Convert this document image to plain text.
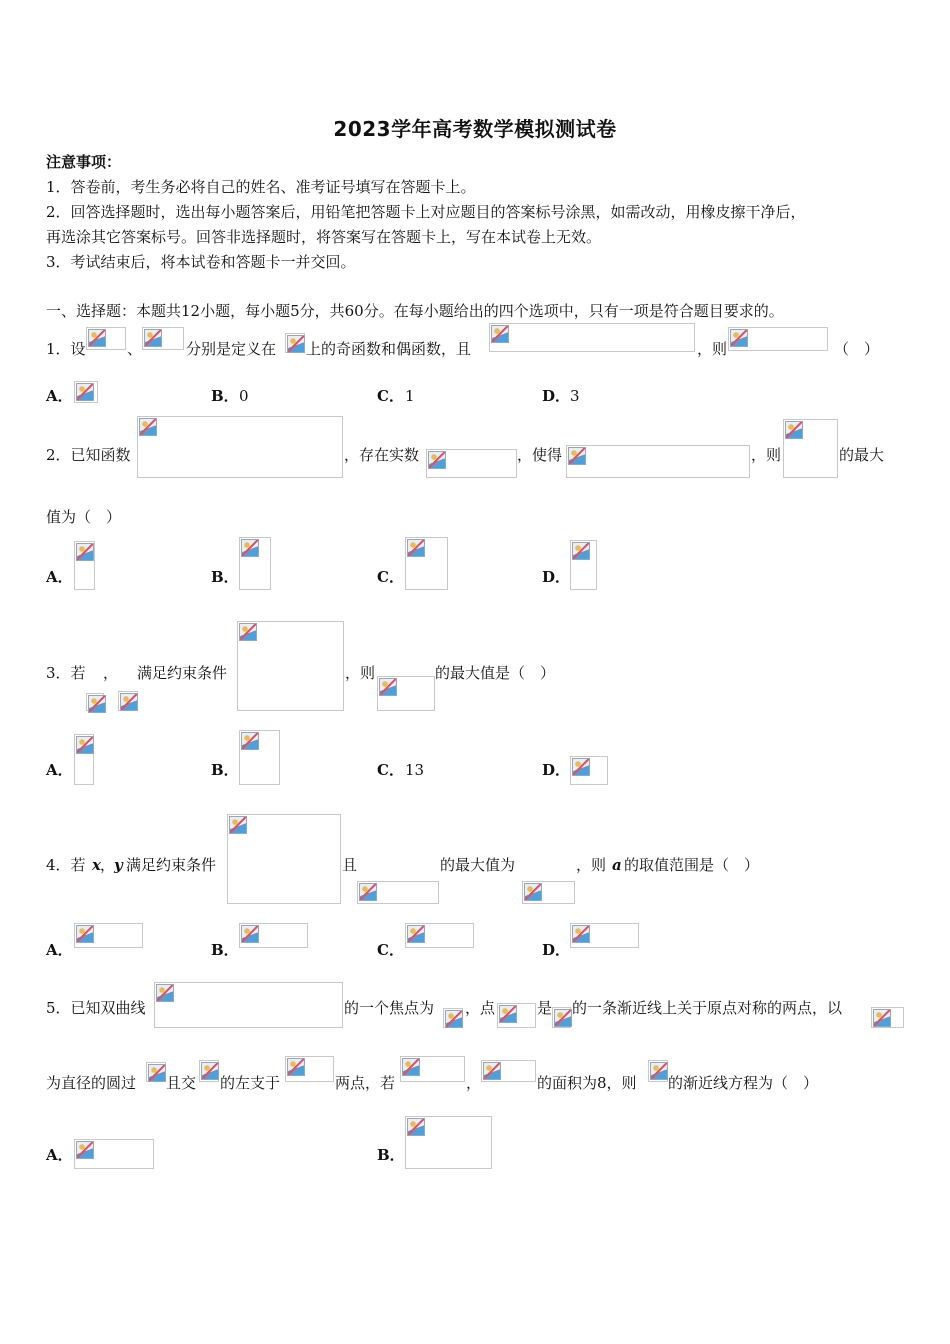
2023学年高考数学模拟测试卷
注意事项：
1．答卷前，考生务必将自己的姓名、准考证号填写在答题卡上。
2．回答选择题时，选出每小题答案后，用铅笔把答题卡上对应题目的答案标号涂黑，如需改动，用橡皮擦干净后，
再选涂其它答案标号。回答非选择题时，将答案写在答题卡上，写在本试卷上无效。
3．考试结束后，将本试卷和答题卡一并交回。
一、选择题：本题共12小题，每小题5分，共60分。在每小题给出的四个选项中，只有一项是符合题目要求的。
1．设	、	分别是定义在 上的奇函数和偶函数，且	，则	（　）
A．	B． 0	C． 1	D． 3
2．已知函数	，存在实数	，使得	，则	的最大
值为（　）
A．	B．	C．	D．
3．若 ， 满足约束条件	，则	的最大值是（　）
A．	B．	C． 13	D．
4．若 x ，
y 满足约束条件	且	的最大值为	，则 a 的取值范围是（　）
A．	B．	C．	D．
5．已知双曲线	的一个焦点为 ，点	是 的一条渐近线上关于原点对称的两点，以
为直径的圆过 且交 的左支于	两点，若	，	的面积为8，则 的渐近线方程为（　）
A．	B．
